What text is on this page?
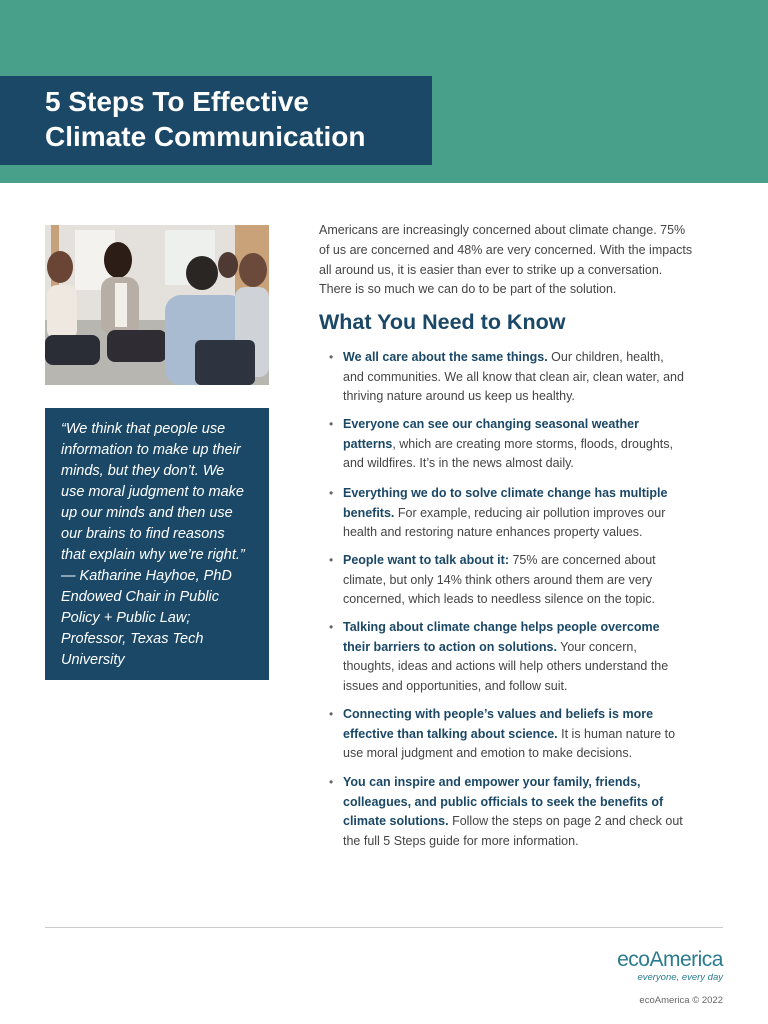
5 Steps To Effective
Climate Communication
“We think that people use
information to make up their
minds, but they don’t. We
use moral judgment to make
up our minds and then use
our brains to find reasons
that explain why we’re right.”
— Katharine Hayhoe, PhD
Endowed Chair in Public
Policy + Public Law;
Professor, Texas Tech
University
Americans are increasingly concerned about climate change. 75%
of us are concerned and 48% are very concerned. With the impacts
all around us, it is easier than ever to strike up a conversation.
There is so much we can do to be part of the solution.
What You Need to Know
• We all care about the same things. Our children, health,
and communities. We all know that clean air, clean water, and
thriving nature around us keep us healthy.
• Everyone can see our changing seasonal weather
patterns, which are creating more storms, floods, droughts,
and wildfires. It’s in the news almost daily.
• Everything we do to solve climate change has multiple
benefits. For example, reducing air pollution improves our
health and restoring nature enhances property values.
• People want to talk about it: 75% are concerned about
climate, but only 14% think others around them are very
concerned, which leads to needless silence on the topic.
• Talking about climate change helps people overcome
their barriers to action on solutions. Your concern,
thoughts, ideas and actions will help others understand the
issues and opportunities, and follow suit.
• Connecting with people’s values and beliefs is more
effective than talking about science. It is human nature to
use moral judgment and emotion to make decisions.
• You can inspire and empower your family, friends,
colleagues, and public officials to seek the benefits of
climate solutions. Follow the steps on page 2 and check out
the full 5 Steps guide for more information.
ecoAmerica
everyone, every day
ecoAmerica © 2022
